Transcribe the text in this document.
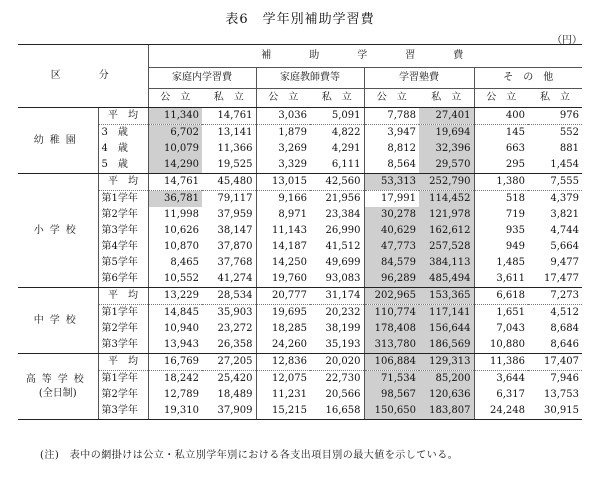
表6　学年別補助学習費
（円）
区　　分		補　　助　　学　　習　　費							
		家庭内学習費		家庭教師費等		学習塾費		そ　の　他	
		公　立	私　立	公　立	私　立	公　立	私　立	公　立	私　立
幼稚園	平　均	11,340	14,761	3,036	5,091	7,788	27,401	400	976
	3　歳	6,702	13,141	1,879	4,822	3,947	19,694	145	552
	4　歳	10,079	11,366	3,269	4,291	8,812	32,396	663	881
	5　歳	14,290	19,525	3,329	6,111	8,564	29,570	295	1,454
小学校	平　均	14,761	45,480	13,015	42,560	53,313	252,790	1,380	7,555
	第1学年	36,781	79,117	9,166	21,956	17,991	114,452	518	4,379
	第2学年	11,998	37,959	8,971	23,384	30,278	121,978	719	3,821
	第3学年	10,626	38,147	11,143	26,990	40,629	162,612	935	4,744
	第4学年	10,870	37,870	14,187	41,512	47,773	257,528	949	5,664
	第5学年	8,465	37,768	14,250	49,699	84,579	384,113	1,485	9,477
	第6学年	10,552	41,274	19,760	93,083	96,289	485,494	3,611	17,477
中学校	平　均	13,229	28,534	20,777	31,174	202,965	153,365	6,618	7,273
	第1学年	14,845	35,903	19,695	20,232	110,774	117,141	1,651	4,512
	第2学年	10,940	23,272	18,285	38,199	178,408	156,644	7,043	8,684
	第3学年	13,943	26,358	24,260	35,193	313,780	186,569	10,880	8,646
高等学校
(全日制)	平　均	16,769	27,205	12,836	20,020	106,884	129,313	11,386	17,407
	第1学年	18,242	25,420	12,075	22,730	71,534	85,200	3,644	7,946
	第2学年	12,789	18,489	11,231	20,566	98,567	120,636	6,317	13,753
	第3学年	19,310	37,909	15,215	16,658	150,650	183,807	24,248	30,915
(注)　表中の網掛けは公立・私立別学年別における各支出項目別の最大値を示している。
